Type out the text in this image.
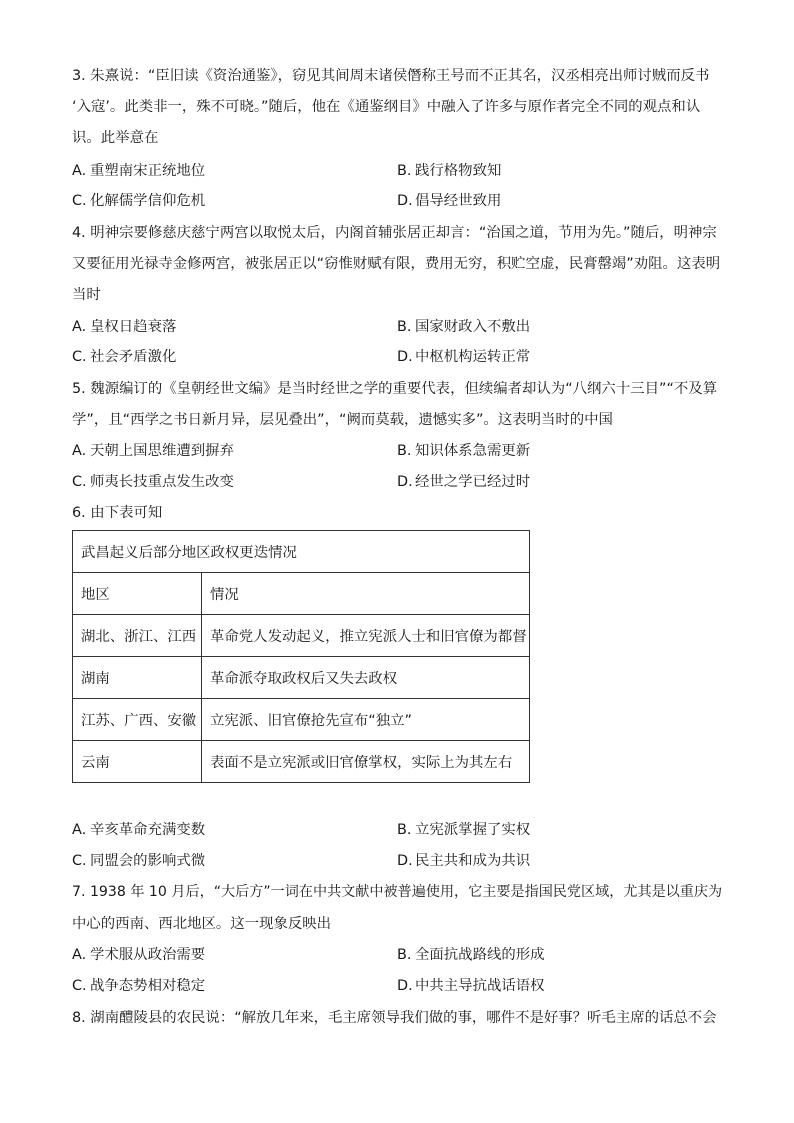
3. 朱熹说：“臣旧读《资治通鉴》，窃见其间周末诸侯僭称王号而不正其名，汉丞相亮出师讨贼而反书
‘入寇’。此类非一，殊不可晓。”随后，他在《通鉴纲目》中融入了许多与原作者完全不同的观点和认
识。此举意在
A. 重塑南宋正统地位	B. 践行格物致知
C. 化解儒学信仰危机	D. 倡导经世致用
4. 明神宗要修慈庆慈宁两宫以取悦太后，内阁首辅张居正却言：“治国之道，节用为先。”随后，明神宗
又要征用光禄寺金修两宫，被张居正以“窃惟财赋有限，费用无穷，积贮空虚，民膏罄竭”劝阻。这表明
当时
A. 皇权日趋衰落	B. 国家财政入不敷出
C. 社会矛盾激化	D. 中枢机构运转正常
5. 魏源编订的《皇朝经世文编》是当时经世之学的重要代表，但续编者却认为“八纲六十三目”“不及算
学”，且“西学之书日新月异，层见叠出”，“阙而莫载，遗憾实多”。这表明当时的中国
A. 天朝上国思维遭到摒弃	B. 知识体系急需更新
C. 师夷长技重点发生改变	D. 经世之学已经过时
6. 由下表可知
武昌起义后部分地区政权更迭情况	
地区	情况
湖北、浙江、江西	革命党人发动起义，推立宪派人士和旧官僚为都督
湖南	革命派夺取政权后又失去政权
江苏、广西、安徽	立宪派、旧官僚抢先宣布“独立”
云南	表面不是立宪派或旧官僚掌权，实际上为其左右
A. 辛亥革命充满变数	B. 立宪派掌握了实权
C. 同盟会的影响式微	D. 民主共和成为共识
7. 1938 年 10 月后，“大后方”一词在中共文献中被普遍使用，它主要是指国民党区域，尤其是以重庆为
中心的西南、西北地区。这一现象反映出
A. 学术服从政治需要	B. 全面抗战路线的形成
C. 战争态势相对稳定	D. 中共主导抗战话语权
8. 湖南醴陵县的农民说：“解放几年来，毛主席领导我们做的事，哪件不是好事？听毛主席的话总不会
